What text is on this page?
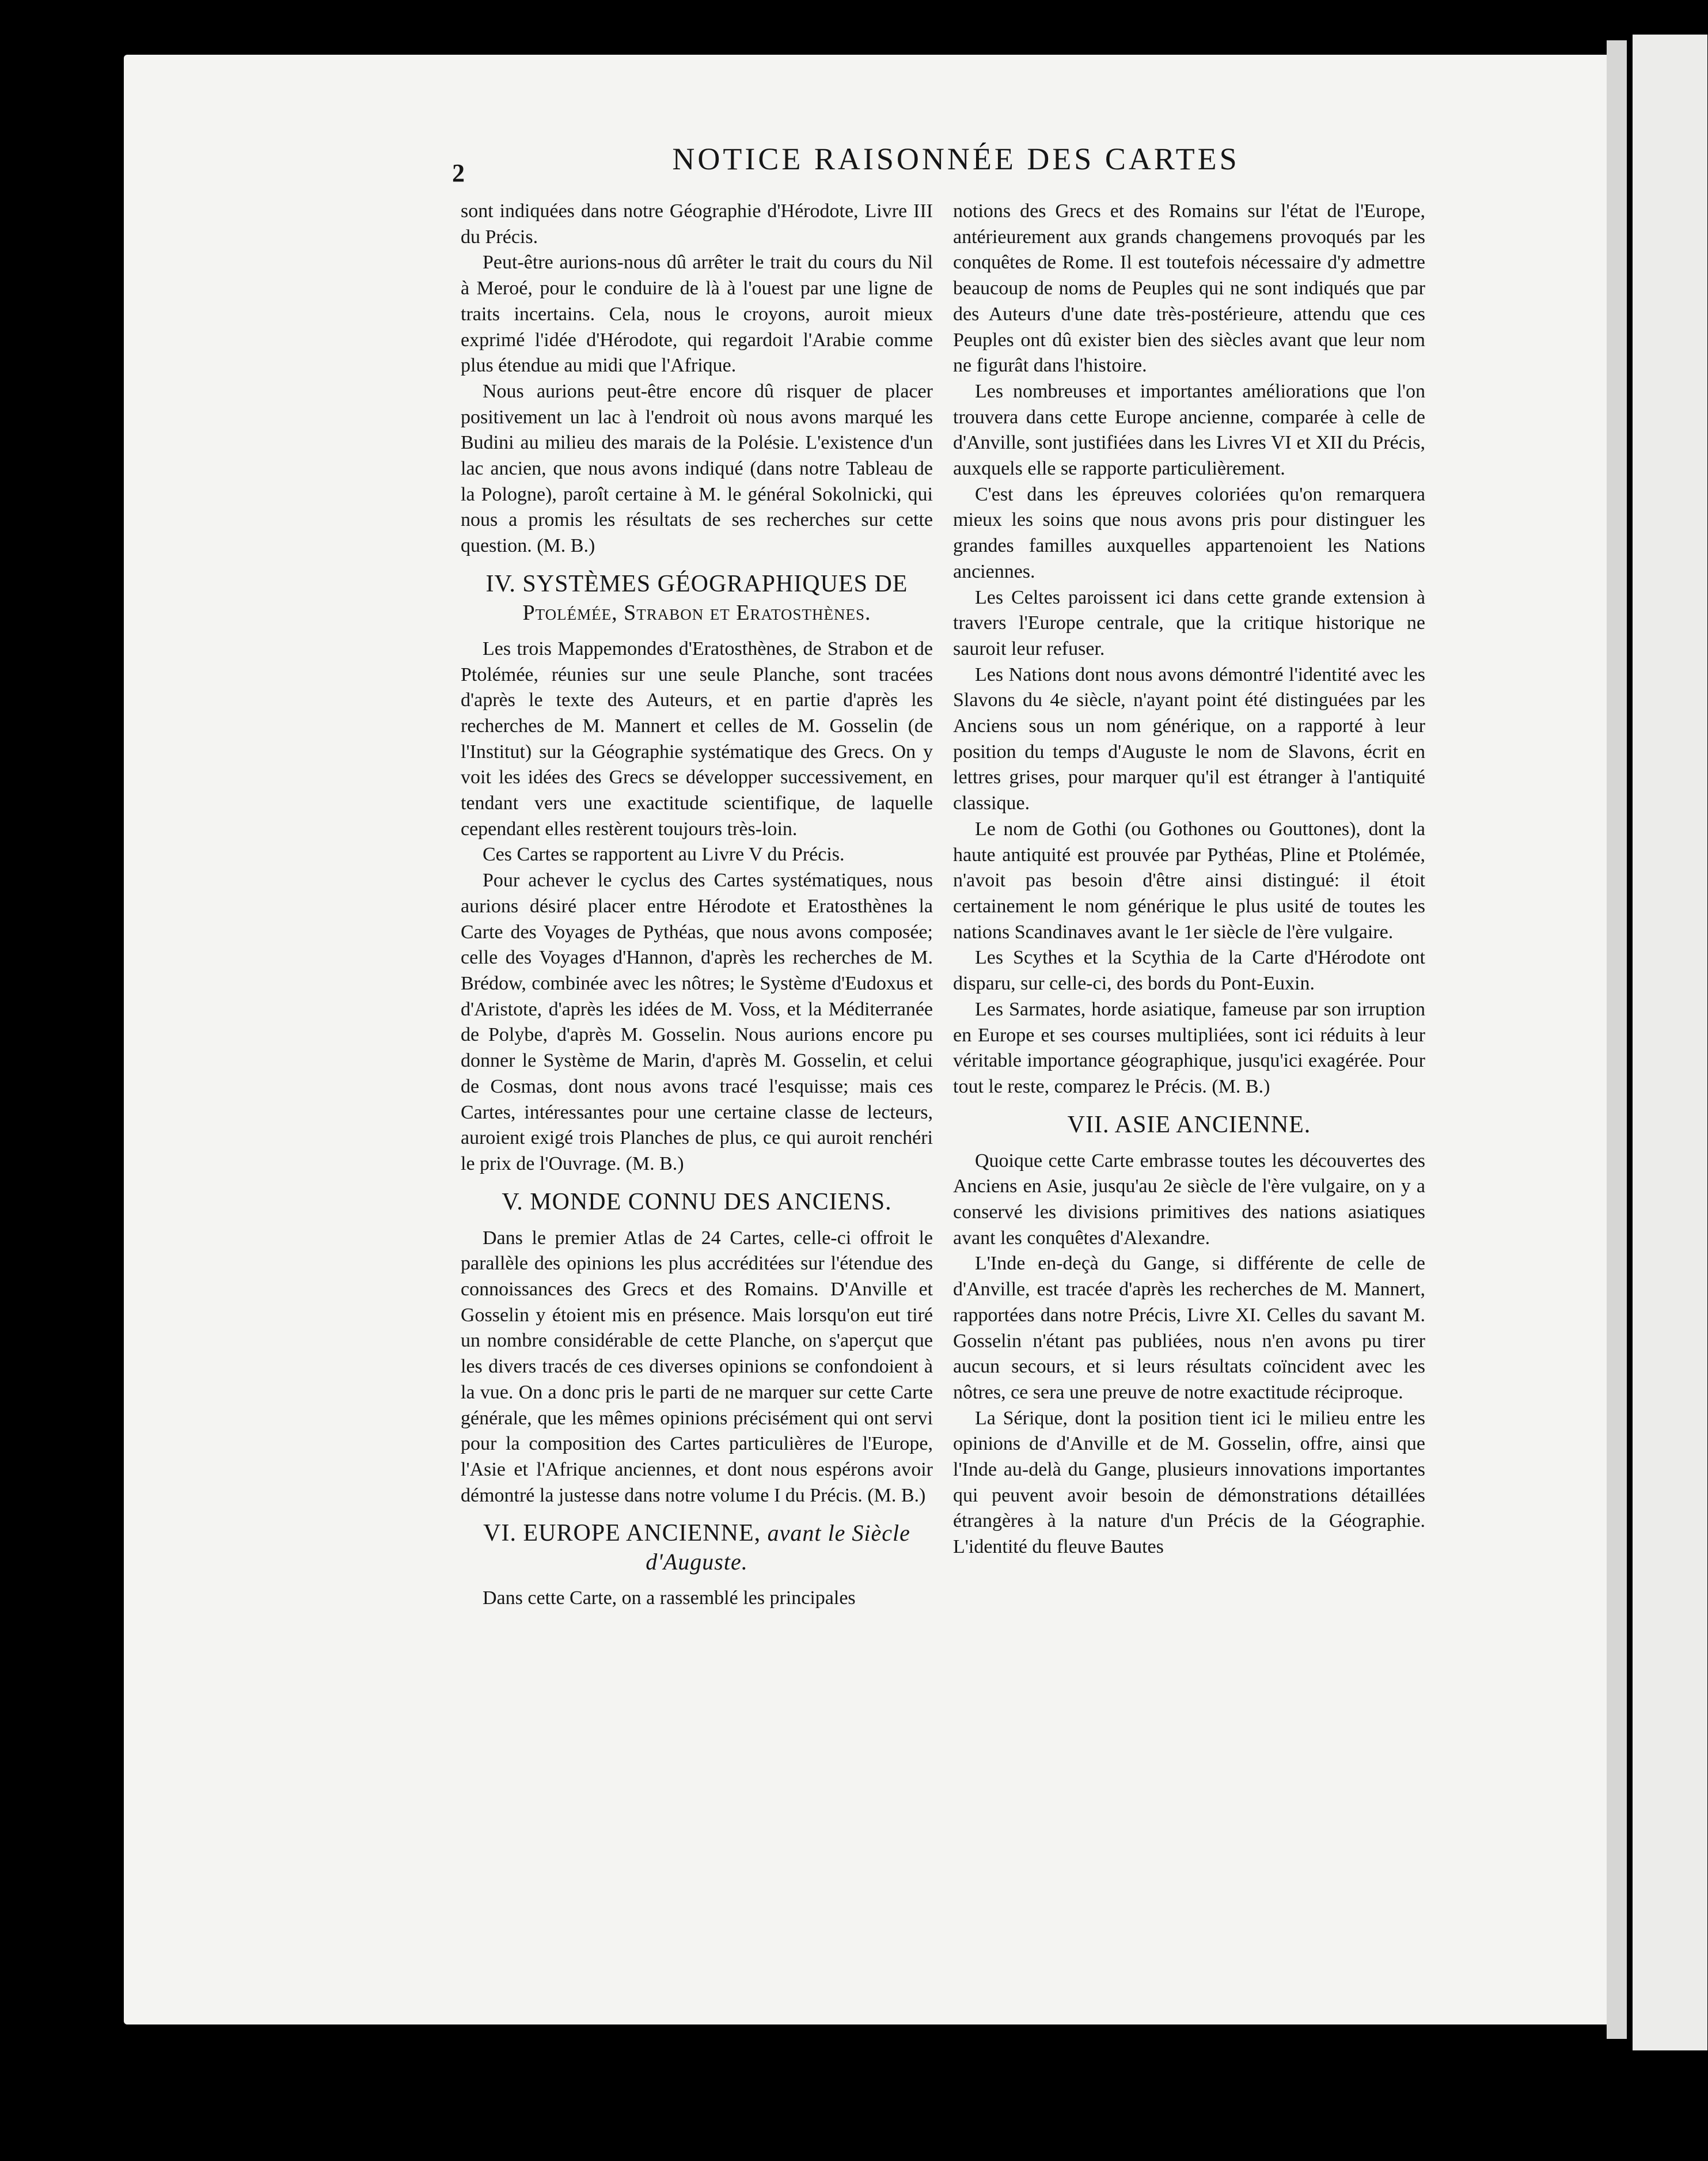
2	NOTICE RAISONNÉE DES CARTES

sont indiquées dans notre Géographie d'Hérodote, Livre III du Précis.

Peut-être aurions-nous dû arrêter le trait du cours du Nil à Meroé, pour le conduire de là à l'ouest par une ligne de traits incertains. Cela, nous le croyons, auroit mieux exprimé l'idée d'Hérodote, qui regardoit l'Arabie comme plus étendue au midi que l'Afrique.

Nous aurions peut-être encore dû risquer de placer positivement un lac à l'endroit où nous avons marqué les Budini au milieu des marais de la Polésie. L'existence d'un lac ancien, que nous avons indiqué (dans notre Tableau de la Pologne), paroît certaine à M. le général Sokolnicki, qui nous a promis les résultats de ses recherches sur cette question. (M. B.)

IV. SYSTÈMES GÉOGRAPHIQUES DE
Ptolémée, Strabon et Eratosthènes.

Les trois Mappemondes d'Eratosthènes, de Strabon et de Ptolémée, réunies sur une seule Planche, sont tracées d'après le texte des Auteurs, et en partie d'après les recherches de M. Mannert et celles de M. Gosselin (de l'Institut) sur la Géographie systématique des Grecs. On y voit les idées des Grecs se développer successivement, en tendant vers une exactitude scientifique, de laquelle cependant elles restèrent toujours très-loin.

Ces Cartes se rapportent au Livre V du Précis.

Pour achever le cyclus des Cartes systématiques, nous aurions désiré placer entre Hérodote et Eratosthènes la Carte des Voyages de Pythéas, que nous avons composée; celle des Voyages d'Hannon, d'après les recherches de M. Brédow, combinée avec les nôtres; le Système d'Eudoxus et d'Aristote, d'après les idées de M. Voss, et la Méditerranée de Polybe, d'après M. Gosselin. Nous aurions encore pu donner le Système de Marin, d'après M. Gosselin, et celui de Cosmas, dont nous avons tracé l'esquisse; mais ces Cartes, intéressantes pour une certaine classe de lecteurs, auroient exigé trois Planches de plus, ce qui auroit renchéri le prix de l'Ouvrage. (M. B.)

V. MONDE CONNU DES ANCIENS.

Dans le premier Atlas de 24 Cartes, celle-ci offroit le parallèle des opinions les plus accréditées sur l'étendue des connoissances des Grecs et des Romains. D'Anville et Gosselin y étoient mis en présence. Mais lorsqu'on eut tiré un nombre considérable de cette Planche, on s'aperçut que les divers tracés de ces diverses opinions se confondoient à la vue. On a donc pris le parti de ne marquer sur cette Carte générale, que les mêmes opinions précisément qui ont servi pour la composition des Cartes particulières de l'Europe, l'Asie et l'Afrique anciennes, et dont nous espérons avoir démontré la justesse dans notre volume I du Précis. (M. B.)

VI. EUROPE ANCIENNE, avant le Siècle
d'Auguste.

Dans cette Carte, on a rassemblé les principales

notions des Grecs et des Romains sur l'état de l'Europe, antérieurement aux grands changemens provoqués par les conquêtes de Rome. Il est toutefois nécessaire d'y admettre beaucoup de noms de Peuples qui ne sont indiqués que par des Auteurs d'une date très-postérieure, attendu que ces Peuples ont dû exister bien des siècles avant que leur nom ne figurât dans l'histoire.

Les nombreuses et importantes améliorations que l'on trouvera dans cette Europe ancienne, comparée à celle de d'Anville, sont justifiées dans les Livres VI et XII du Précis, auxquels elle se rapporte particulièrement.

C'est dans les épreuves coloriées qu'on remarquera mieux les soins que nous avons pris pour distinguer les grandes familles auxquelles appartenoient les Nations anciennes.

Les Celtes paroissent ici dans cette grande extension à travers l'Europe centrale, que la critique historique ne sauroit leur refuser.

Les Nations dont nous avons démontré l'identité avec les Slavons du 4e siècle, n'ayant point été distinguées par les Anciens sous un nom générique, on a rapporté à leur position du temps d'Auguste le nom de Slavons, écrit en lettres grises, pour marquer qu'il est étranger à l'antiquité classique.

Le nom de Gothi (ou Gothones ou Gouttones), dont la haute antiquité est prouvée par Pythéas, Pline et Ptolémée, n'avoit pas besoin d'être ainsi distingué: il étoit certainement le nom générique le plus usité de toutes les nations Scandinaves avant le 1er siècle de l'ère vulgaire.

Les Scythes et la Scythia de la Carte d'Hérodote ont disparu, sur celle-ci, des bords du Pont-Euxin.

Les Sarmates, horde asiatique, fameuse par son irruption en Europe et ses courses multipliées, sont ici réduits à leur véritable importance géographique, jusqu'ici exagérée. Pour tout le reste, comparez le Précis. (M. B.)

VII. ASIE ANCIENNE.

Quoique cette Carte embrasse toutes les découvertes des Anciens en Asie, jusqu'au 2e siècle de l'ère vulgaire, on y a conservé les divisions primitives des nations asiatiques avant les conquêtes d'Alexandre.

L'Inde en-deçà du Gange, si différente de celle de d'Anville, est tracée d'après les recherches de M. Mannert, rapportées dans notre Précis, Livre XI. Celles du savant M. Gosselin n'étant pas publiées, nous n'en avons pu tirer aucun secours, et si leurs résultats coïncident avec les nôtres, ce sera une preuve de notre exactitude réciproque.

La Sérique, dont la position tient ici le milieu entre les opinions de d'Anville et de M. Gosselin, offre, ainsi que l'Inde au-delà du Gange, plusieurs innovations importantes qui peuvent avoir besoin de démonstrations détaillées étrangères à la nature d'un Précis de la Géographie. L'identité du fleuve Bautes
